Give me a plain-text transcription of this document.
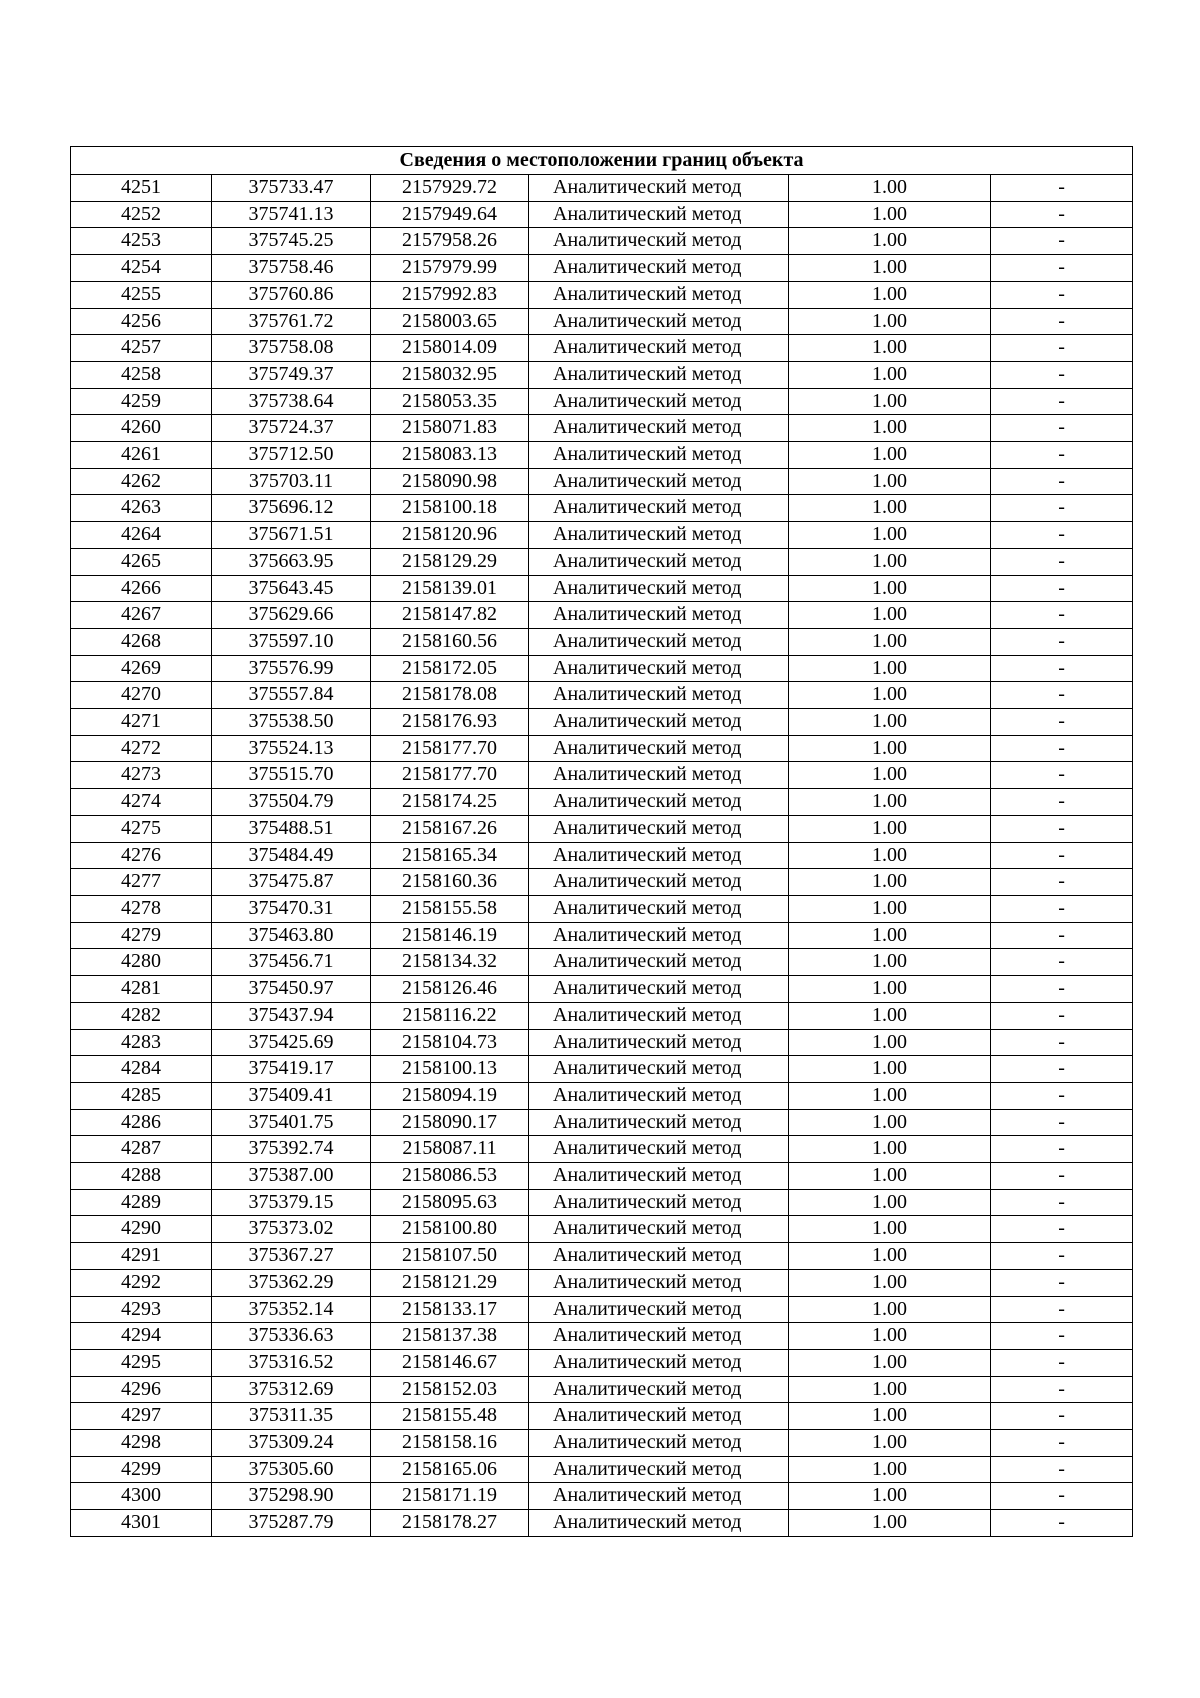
Сведения о местоположении границ объекта					
4251	375733.47	2157929.72	Аналитический метод	1.00	-
4252	375741.13	2157949.64	Аналитический метод	1.00	-
4253	375745.25	2157958.26	Аналитический метод	1.00	-
4254	375758.46	2157979.99	Аналитический метод	1.00	-
4255	375760.86	2157992.83	Аналитический метод	1.00	-
4256	375761.72	2158003.65	Аналитический метод	1.00	-
4257	375758.08	2158014.09	Аналитический метод	1.00	-
4258	375749.37	2158032.95	Аналитический метод	1.00	-
4259	375738.64	2158053.35	Аналитический метод	1.00	-
4260	375724.37	2158071.83	Аналитический метод	1.00	-
4261	375712.50	2158083.13	Аналитический метод	1.00	-
4262	375703.11	2158090.98	Аналитический метод	1.00	-
4263	375696.12	2158100.18	Аналитический метод	1.00	-
4264	375671.51	2158120.96	Аналитический метод	1.00	-
4265	375663.95	2158129.29	Аналитический метод	1.00	-
4266	375643.45	2158139.01	Аналитический метод	1.00	-
4267	375629.66	2158147.82	Аналитический метод	1.00	-
4268	375597.10	2158160.56	Аналитический метод	1.00	-
4269	375576.99	2158172.05	Аналитический метод	1.00	-
4270	375557.84	2158178.08	Аналитический метод	1.00	-
4271	375538.50	2158176.93	Аналитический метод	1.00	-
4272	375524.13	2158177.70	Аналитический метод	1.00	-
4273	375515.70	2158177.70	Аналитический метод	1.00	-
4274	375504.79	2158174.25	Аналитический метод	1.00	-
4275	375488.51	2158167.26	Аналитический метод	1.00	-
4276	375484.49	2158165.34	Аналитический метод	1.00	-
4277	375475.87	2158160.36	Аналитический метод	1.00	-
4278	375470.31	2158155.58	Аналитический метод	1.00	-
4279	375463.80	2158146.19	Аналитический метод	1.00	-
4280	375456.71	2158134.32	Аналитический метод	1.00	-
4281	375450.97	2158126.46	Аналитический метод	1.00	-
4282	375437.94	2158116.22	Аналитический метод	1.00	-
4283	375425.69	2158104.73	Аналитический метод	1.00	-
4284	375419.17	2158100.13	Аналитический метод	1.00	-
4285	375409.41	2158094.19	Аналитический метод	1.00	-
4286	375401.75	2158090.17	Аналитический метод	1.00	-
4287	375392.74	2158087.11	Аналитический метод	1.00	-
4288	375387.00	2158086.53	Аналитический метод	1.00	-
4289	375379.15	2158095.63	Аналитический метод	1.00	-
4290	375373.02	2158100.80	Аналитический метод	1.00	-
4291	375367.27	2158107.50	Аналитический метод	1.00	-
4292	375362.29	2158121.29	Аналитический метод	1.00	-
4293	375352.14	2158133.17	Аналитический метод	1.00	-
4294	375336.63	2158137.38	Аналитический метод	1.00	-
4295	375316.52	2158146.67	Аналитический метод	1.00	-
4296	375312.69	2158152.03	Аналитический метод	1.00	-
4297	375311.35	2158155.48	Аналитический метод	1.00	-
4298	375309.24	2158158.16	Аналитический метод	1.00	-
4299	375305.60	2158165.06	Аналитический метод	1.00	-
4300	375298.90	2158171.19	Аналитический метод	1.00	-
4301	375287.79	2158178.27	Аналитический метод	1.00	-
